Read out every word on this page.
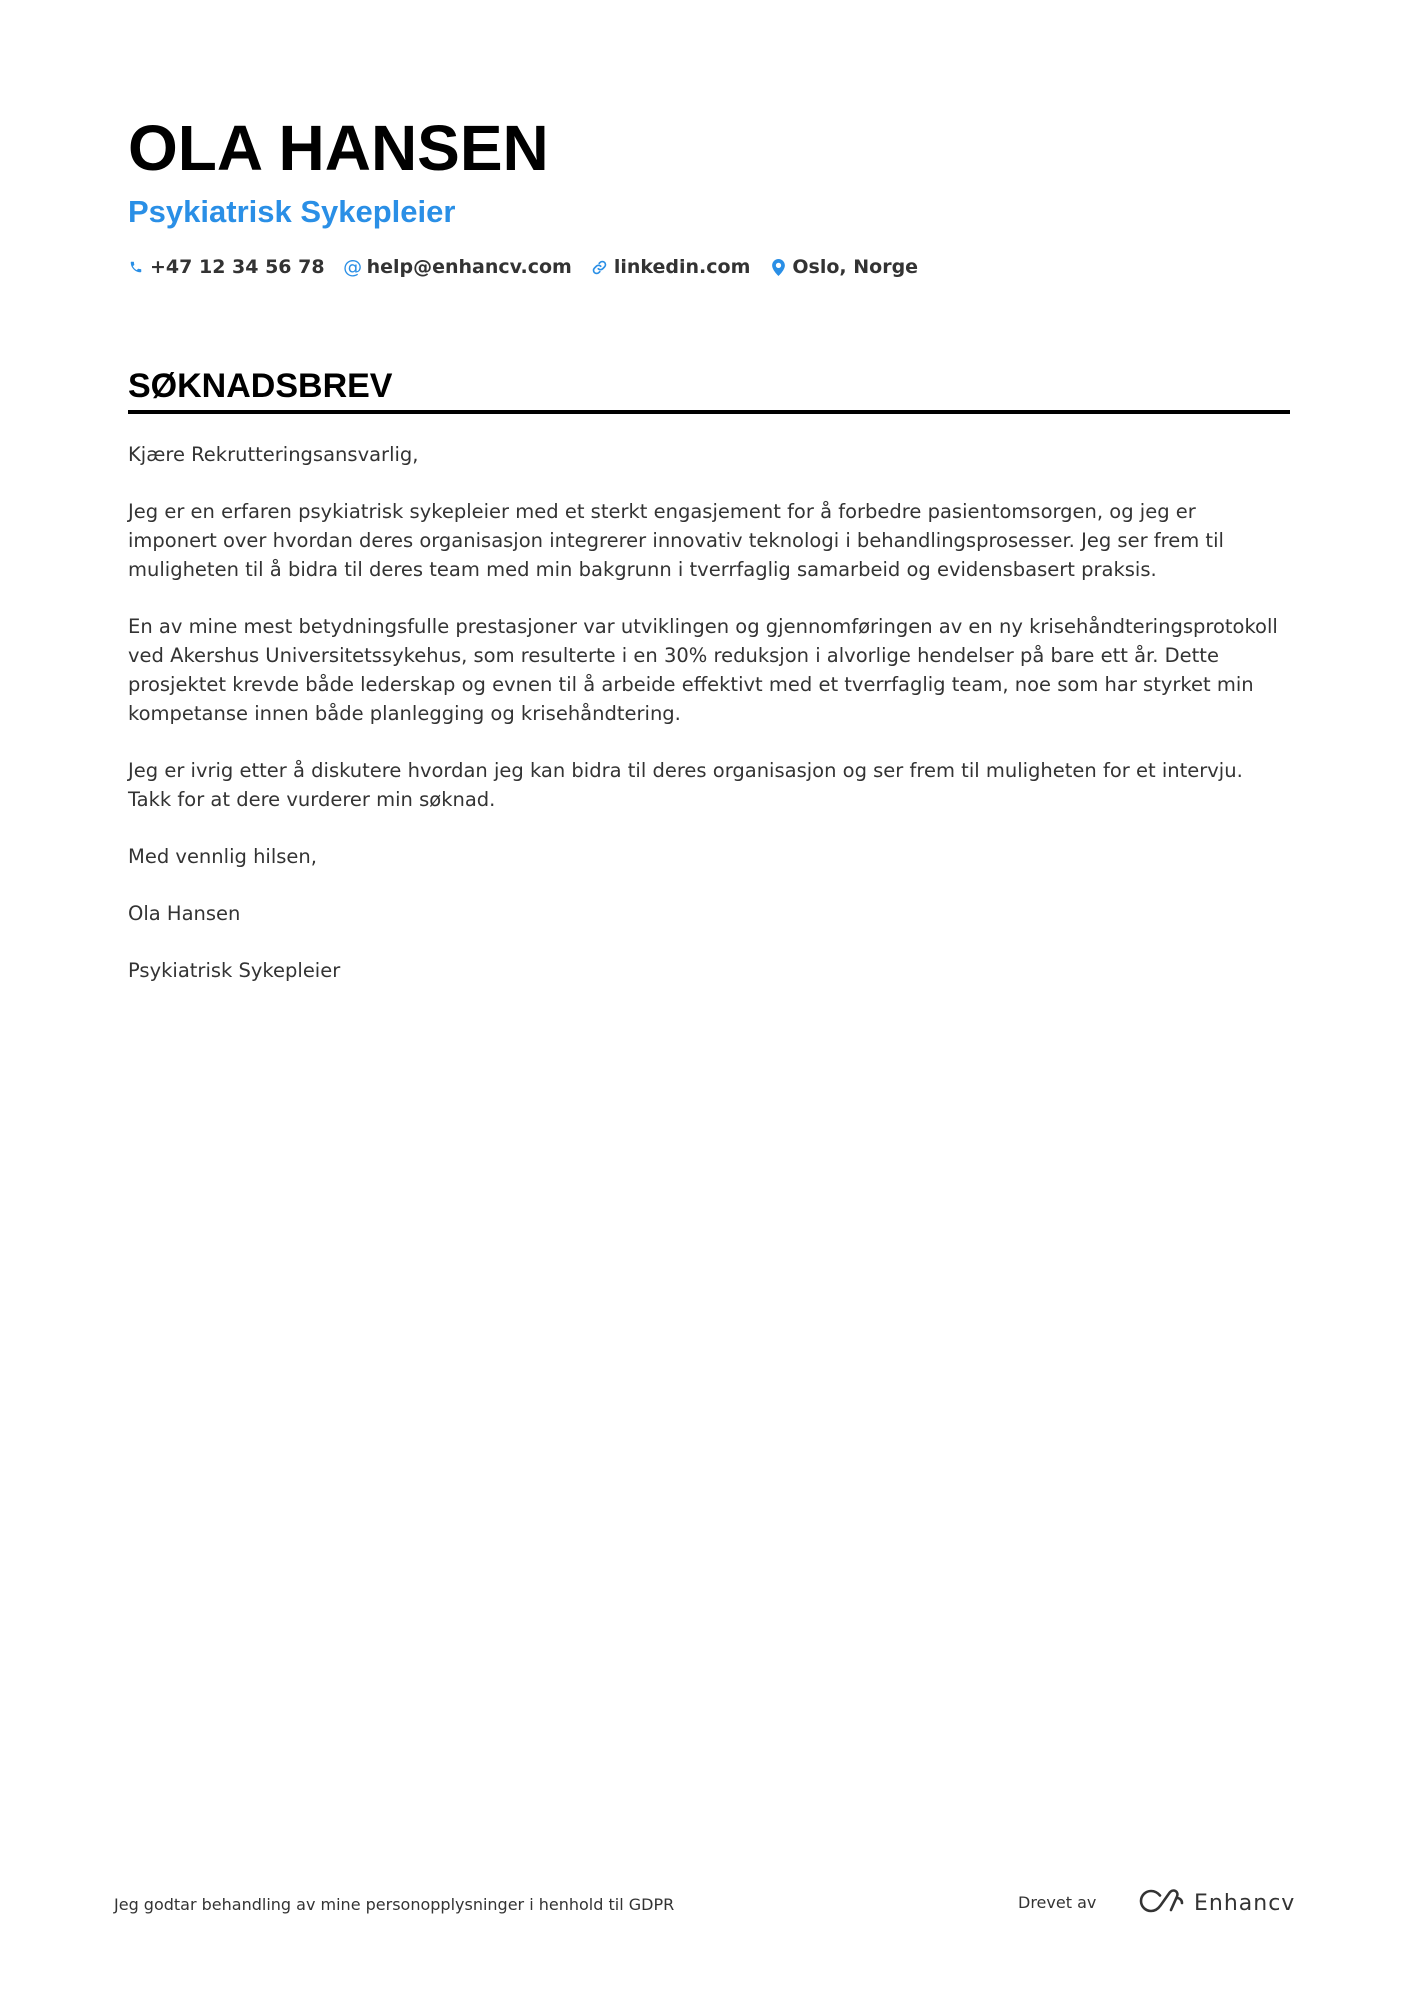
OLA HANSEN
Psykiatrisk Sykepleier
+47 12 34 56 78 @ help@enhancv.com linkedin.com Oslo, Norge
SØKNADSBREV

Kjære Rekrutteringsansvarlig,

Jeg er en erfaren psykiatrisk sykepleier med et sterkt engasjement for å forbedre pasientomsorgen, og jeg er imponert over hvordan deres organisasjon integrerer innovativ teknologi i behandlingsprosesser. Jeg ser frem til muligheten til å bidra til deres team med min bakgrunn i tverrfaglig samarbeid og evidensbasert praksis.

En av mine mest betydningsfulle prestasjoner var utviklingen og gjennomføringen av en ny krisehåndteringsprotokoll ved Akershus Universitetssykehus, som resulterte i en 30% reduksjon i alvorlige hendelser på bare ett år. Dette prosjektet krevde både lederskap og evnen til å arbeide effektivt med et tverrfaglig team, noe som har styrket min kompetanse innen både planlegging og krisehåndtering.

Jeg er ivrig etter å diskutere hvordan jeg kan bidra til deres organisasjon og ser frem til muligheten for et intervju. Takk for at dere vurderer min søknad.

Med vennlig hilsen,

Ola Hansen

Psykiatrisk Sykepleier

Jeg godtar behandling av mine personopplysninger i henhold til GDPR	Drevet av	Enhancv
